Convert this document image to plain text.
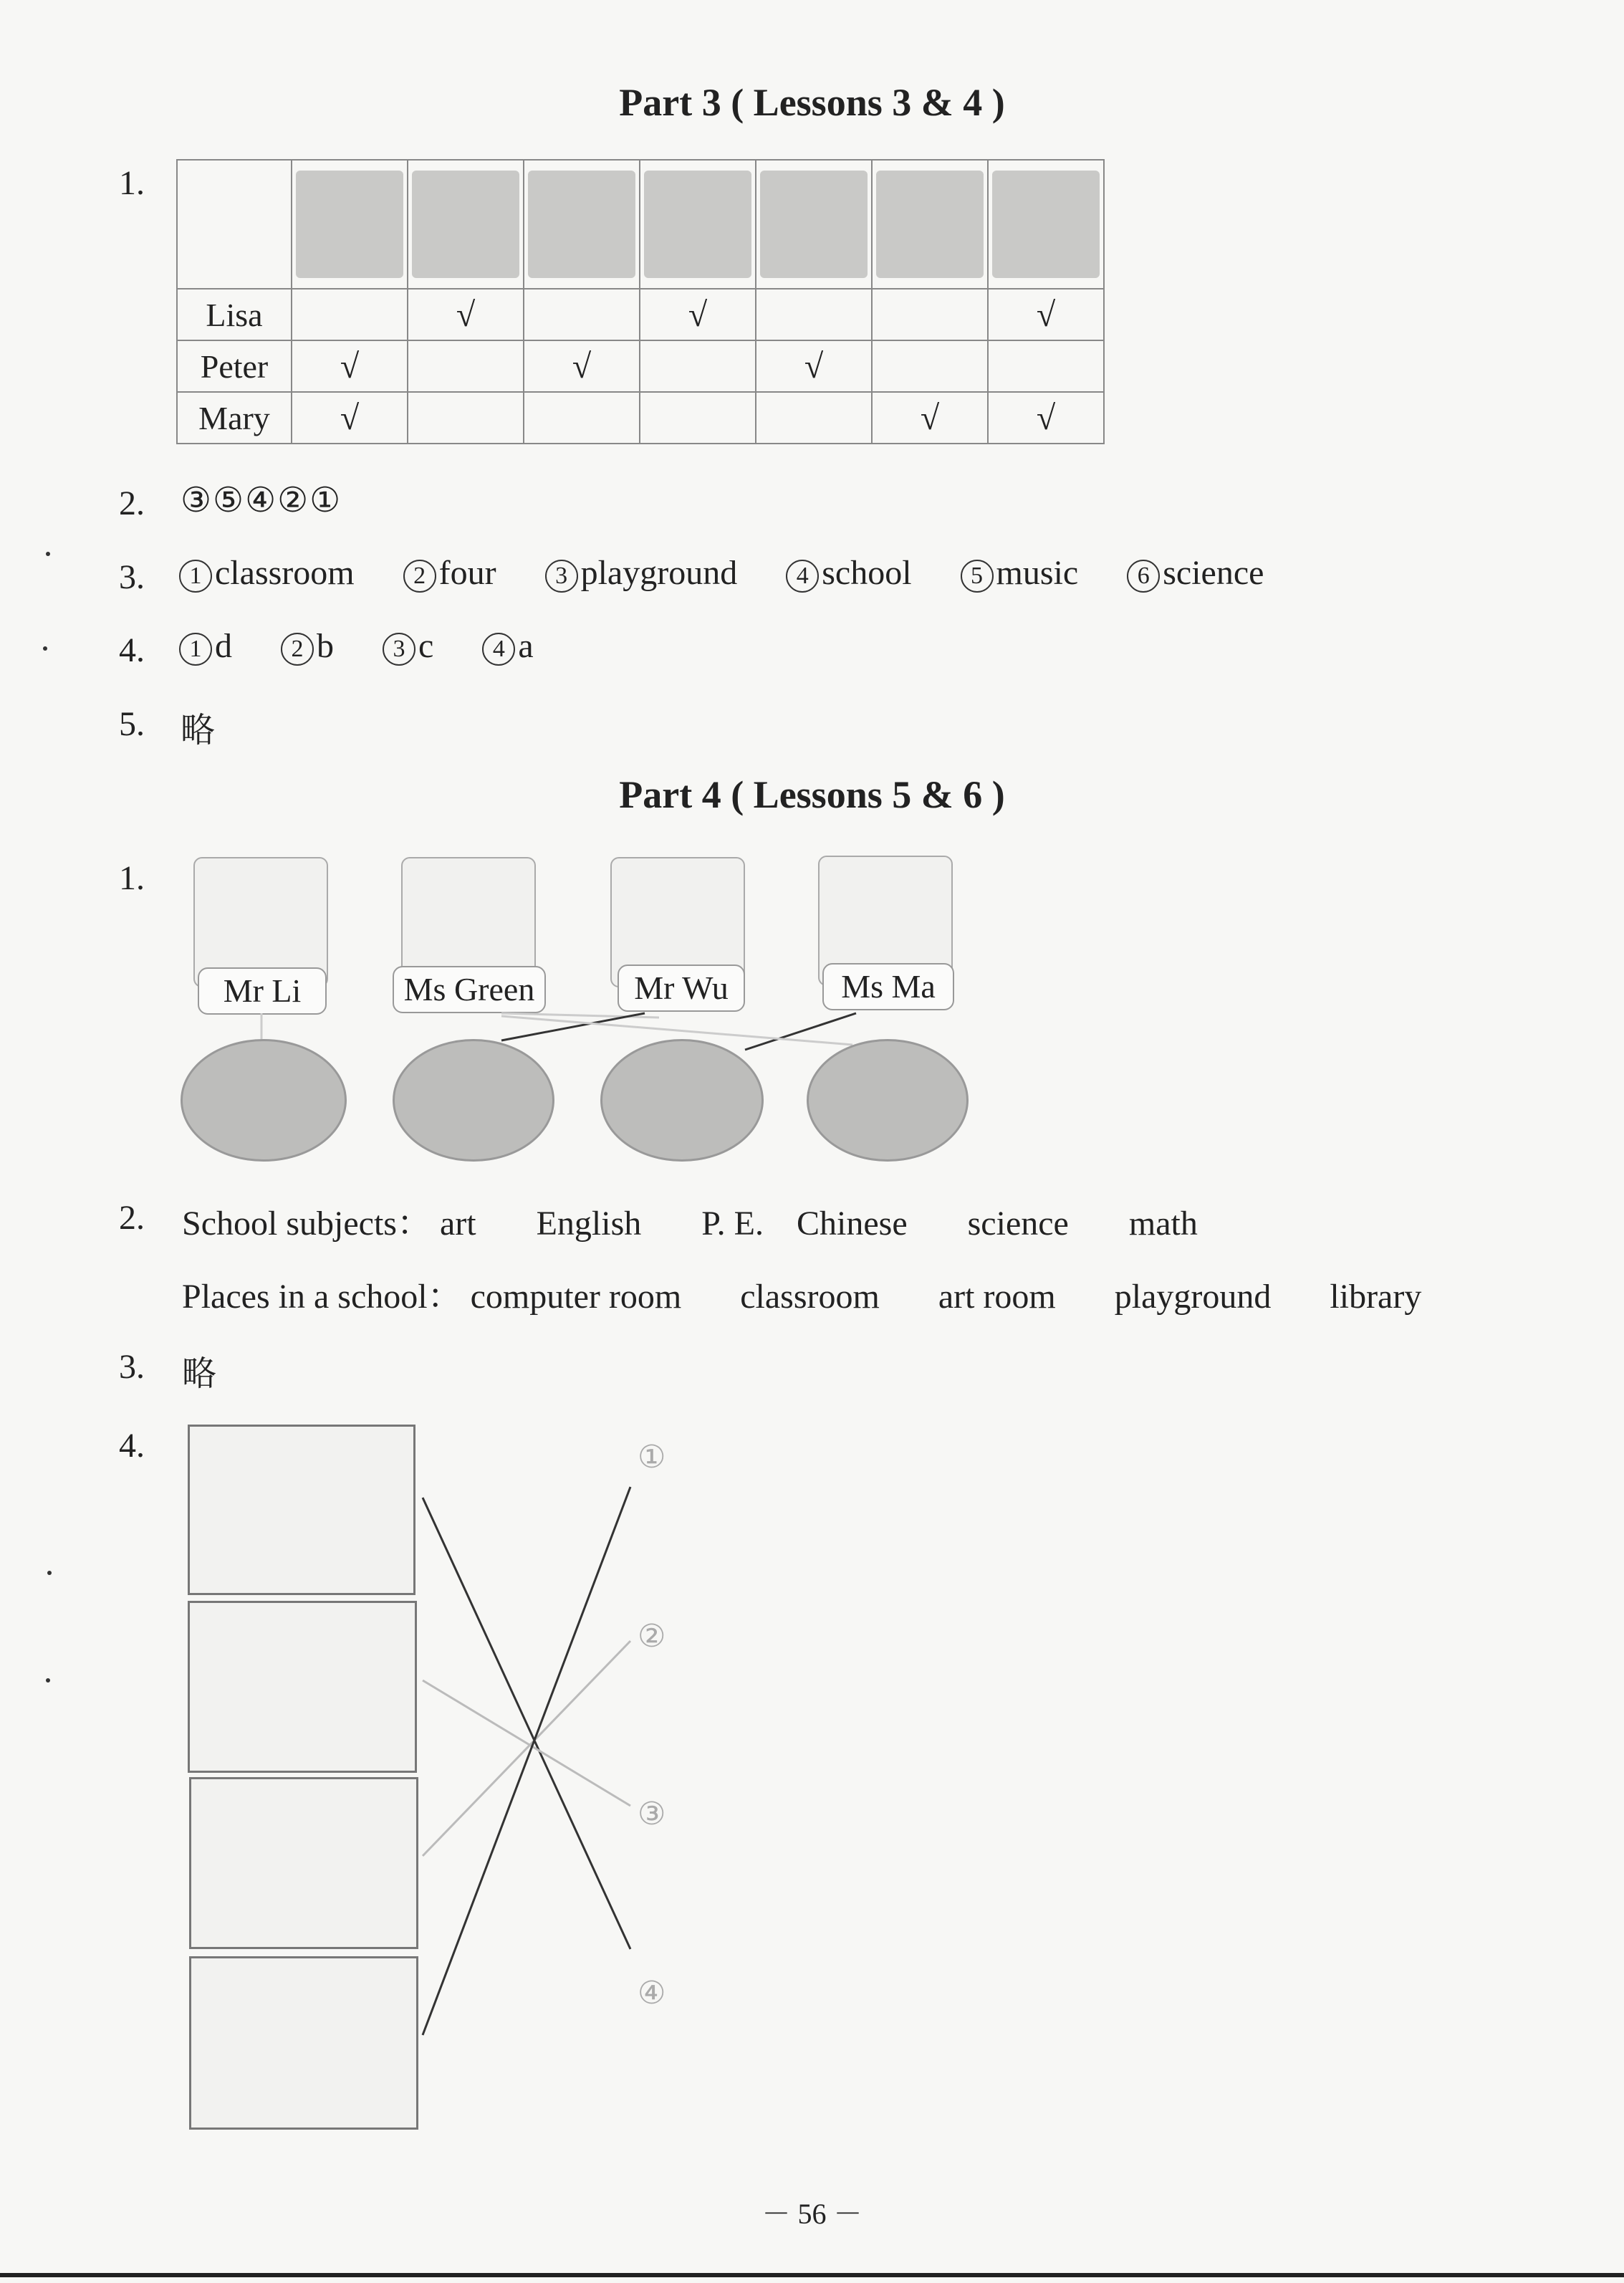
Part 3 ( Lessons 3 & 4 )
1.

Lisa		√		√			√
Peter	√		√		√		
Mary	√					√	√
2. ③⑤④②①
3.	1 classroom 2 four 3 playground 4 school 5 music 6 science
4.	1 d 2 b 3 c 4 a
5. 略
Part 4 ( Lessons 5 & 6 )
1.
Mr Li	Ms Green	Mr Wu	Ms Ma
2. School subjects： art English P. E. Chinese science math
Places in a school： computer room classroom art room playground library
3. 略
4.	①
②
③
④
－ 56 －
